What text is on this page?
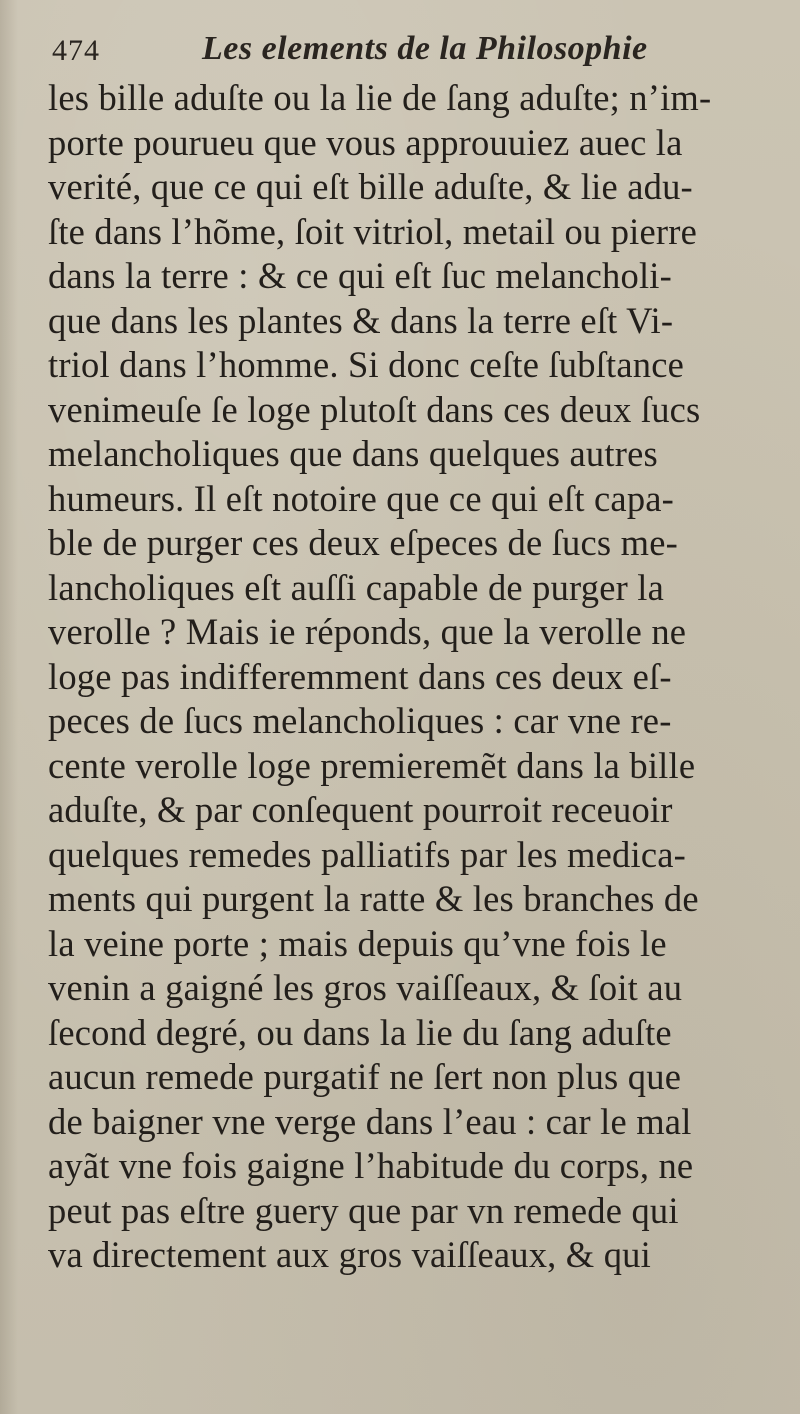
474	Les elements de la Philosophie
les bille aduſte ou la lie de ſang aduſte; n’im-
porte pourueu que vous approuuiez auec la
verité, que ce qui eſt bille aduſte, & lie adu-
ſte dans l’hõme, ſoit vitriol, metail ou pierre
dans la terre : & ce qui eſt ſuc melancholi-
que dans les plantes & dans la terre eſt Vi-
triol dans l’homme. Si donc ceſte ſubſtance
venimeuſe ſe loge plutoſt dans ces deux ſucs
melancholiques que dans quelques autres
humeurs. Il eſt notoire que ce qui eſt capa-
ble de purger ces deux eſpeces de ſucs me-
lancholiques eſt auſſi capable de purger la
verolle ? Mais ie réponds, que la verolle ne
loge pas indifferemment dans ces deux eſ-
peces de ſucs melancholiques : car vne re-
cente verolle loge premieremẽt dans la bille
aduſte, & par conſequent pourroit receuoir
quelques remedes palliatifs par les medica-
ments qui purgent la ratte & les branches de
la veine porte ; mais depuis qu’vne fois le
venin a gaigné les gros vaiſſeaux, & ſoit au
ſecond degré, ou dans la lie du ſang aduſte
aucun remede purgatif ne ſert non plus que
de baigner vne verge dans l’eau : car le mal
ayãt vne fois gaigne l’habitude du corps, ne
peut pas eſtre guery que par vn remede qui
va directement aux gros vaiſſeaux, & qui
